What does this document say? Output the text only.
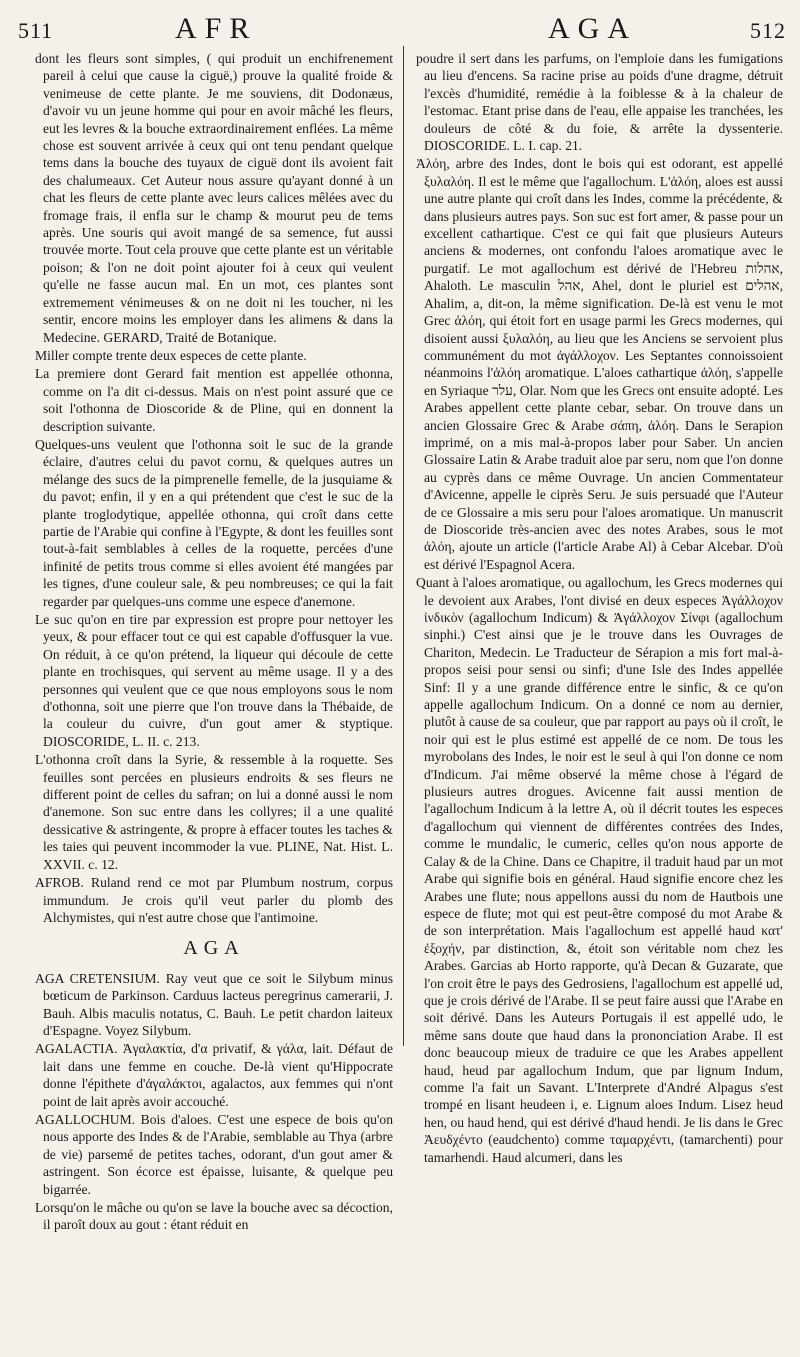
511	AFR	AGA	512

dont les fleurs sont simples, ( qui produit un enchifrenement pareil à celui que cause la ciguë,) prouve la qualité froide & venimeuse de cette plante. Je me souviens, dit Dodonæus, d'avoir vu un jeune homme qui pour en avoir mâché les fleurs, eut les levres & la bouche extraordinairement enflées. La même chose est souvent arrivée à ceux qui ont tenu pendant quelque tems dans la bouche des tuyaux de ciguë dont ils avoient fait des chalumeaux. Cet Auteur nous assure qu'ayant donné à un chat les fleurs de cette plante avec leurs calices mêlées avec du fromage frais, il enfla sur le champ & mourut peu de tems après. Une souris qui avoit mangé de sa semence, fut aussi trouvée morte. Tout cela prouve que cette plante est un véritable poison; & l'on ne doit point ajouter foi à ceux qui veulent qu'elle ne fasse aucun mal. En un mot, ces plantes sont extremement vénimeuses & on ne doit ni les toucher, ni les sentir, encore moins les employer dans les alimens & dans la Medecine. GERARD, Traité de Botanique.

Miller compte trente deux especes de cette plante.

La premiere dont Gerard fait mention est appellée othonna, comme on l'a dit ci-dessus. Mais on n'est point assuré que ce soit l'othonna de Dioscoride & de Pline, qui en donnent la description suivante.

Quelques-uns veulent que l'othonna soit le suc de la grande éclaire, d'autres celui du pavot cornu, & quelques autres un mélange des sucs de la pimprenelle femelle, de la jusquiame & du pavot; enfin, il y en a qui prétendent que c'est le suc de la plante troglodytique, appellée othonna, qui croît dans cette partie de l'Arabie qui confine à l'Egypte, & dont les feuilles sont tout-à-fait semblables à celles de la roquette, percées d'une infinité de petits trous comme si elles avoient été mangées par les tignes, d'une couleur sale, & peu nombreuses; ce qui la fait regarder par quelques-uns comme une espece d'anemone.

Le suc qu'on en tire par expression est propre pour nettoyer les yeux, & pour effacer tout ce qui est capable d'offusquer la vue. On réduit, à ce qu'on prétend, la liqueur qui découle de cette plante en trochisques, qui servent au même usage. Il y a des personnes qui veulent que ce que nous employons sous le nom d'othonna, soit une pierre que l'on trouve dans la Thébaide, de la couleur du cuivre, d'un gout amer & styptique. DIOSCORIDE, L. II. c. 213.

L'othonna croît dans la Syrie, & ressemble à la roquette. Ses feuilles sont percées en plusieurs endroits & ses fleurs ne different point de celles du safran; on lui a donné aussi le nom d'anemone. Son suc entre dans les collyres; il a une qualité dessicative & astringente, & propre à effacer toutes les taches & les taies qui peuvent incommoder la vue. PLINE, Nat. Hist. L. XXVII. c. 12.

AFROB. Ruland rend ce mot par Plumbum nostrum, corpus immundum. Je crois qu'il veut parler du plomb des Alchymistes, qui n'est autre chose que l'antimoine.

AGA

AGA CRETENSIUM. Ray veut que ce soit le Silybum minus bœticum de Parkinson. Carduus lacteus peregrinus camerarii, J. Bauh. Albis maculis notatus, C. Bauh. Le petit chardon laiteux d'Espagne. Voyez Silybum.

AGALACTIA. Ἀγαλακτία, d'α privatif, & γάλα, lait. Défaut de lait dans une femme en couche. De-là vient qu'Hippocrate donne l'épithete d'ἀγαλάκτοι, agalactos, aux femmes qui n'ont point de lait après avoir accouché.

AGALLOCHUM. Bois d'aloes. C'est une espece de bois qu'on nous apporte des Indes & de l'Arabie, semblable au Thya (arbre de vie) parsemé de petites taches, odorant, d'un gout amer & astringent. Son écorce est épaisse, luisante, & quelque peu bigarrée.

Lorsqu'on le mâche ou qu'on se lave la bouche avec sa décoction, il paroît doux au gout : étant réduit en

poudre il sert dans les parfums, on l'emploie dans les fumigations au lieu d'encens. Sa racine prise au poids d'une dragme, détruit l'excès d'humidité, remédie à la foiblesse & à la chaleur de l'estomac. Etant prise dans de l'eau, elle appaise les tranchées, les douleurs de côté & du foie, & arrête la dyssenterie. DIOSCORIDE. L. I. cap. 21.

Ἀλόη, arbre des Indes, dont le bois qui est odorant, est appellé ξυλαλόη. Il est le même que l'agallochum. L'ἀλόη, aloes est aussi une autre plante qui croît dans les Indes, comme la précédente, & dans plusieurs autres pays. Son suc est fort amer, & passe pour un excellent cathartique. C'est ce qui fait que plusieurs Auteurs anciens & modernes, ont confondu l'aloes aromatique avec le purgatif. Le mot agallochum est dérivé de l'Hebreu אהלות, Ahaloth. Le masculin אהל, Ahel, dont le pluriel est אהלים, Ahalim, a, dit-on, la même signification. De-là est venu le mot Grec ἀλόη, qui étoit fort en usage parmi les Grecs modernes, qui disoient aussi ξυλαλόη, au lieu que les Anciens se servoient plus communément du mot ἀγάλλοχον. Les Septantes connoissoient néanmoins l'ἀλόη aromatique. L'aloes cathartique ἀλόη, s'appelle en Syriaque עלר, Olar. Nom que les Grecs ont ensuite adopté. Les Arabes appellent cette plante cebar, sebar. On trouve dans un ancien Glossaire Grec & Arabe σάπη, ἀλόη. Dans le Serapion imprimé, on a mis mal-à-propos laber pour Saber. Un ancien Glossaire Latin & Arabe traduit aloe par seru, nom que l'on donne au cyprès dans ce même Ouvrage. Un ancien Commentateur d'Avicenne, appelle le ciprès Seru. Je suis persuadé que l'Auteur de ce Glossaire a mis seru pour l'aloes aromatique. Un manuscrit de Dioscoride très-ancien avec des notes Arabes, sous le mot ἀλόη, ajoute un article (l'article Arabe Al) à Cebar Alcebar. D'où est dérivé l'Espagnol Acera.

Quant à l'aloes aromatique, ou agallochum, les Grecs modernes qui le devoient aux Arabes, l'ont divisé en deux especes Ἀγάλλοχον ἰνδικὸν (agallochum Indicum) & Ἀγάλλοχον Σίνφι (agallochum sinphi.) C'est ainsi que je le trouve dans les Ouvrages de Chariton, Medecin. Le Traducteur de Sérapion a mis fort mal-à-propos seisi pour sensi ou sinfi; d'une Isle des Indes appellée Sinf: Il y a une grande différence entre le sinfic, & ce qu'on appelle agallochum Indicum. On a donné ce nom au dernier, plutôt à cause de sa couleur, que par rapport au pays où il croît, le noir qui est le plus estimé est appellé de ce nom. De tous les myrobolans des Indes, le noir est le seul à qui l'on donne ce nom d'Indicum. J'ai même observé la même chose à l'égard de plusieurs autres drogues. Avicenne fait aussi mention de l'agallochum Indicum à la lettre A, où il décrit toutes les especes d'agallochum qui viennent de différentes contrées des Indes, comme le mundalic, le cumeric, celles qu'on nous apporte de Calay & de la Chine. Dans ce Chapitre, il traduit haud par un mot Arabe qui signifie bois en général. Haud signifie encore chez les Arabes une flute; nous appellons aussi du nom de Hautbois une espece de flute; mot qui est peut-être composé du mot Arabe & de son interprétation. Mais l'agallochum est appellé haud κατ' ἐξοχήν, par distinction, &, étoit son véritable nom chez les Arabes. Garcias ab Horto rapporte, qu'à Decan & Guzarate, que l'on croit être le pays des Gedrosiens, l'agallochum est appellé ud, que je crois dérivé de l'Arabe. Il se peut faire aussi que l'Arabe en soit dérivé. Dans les Auteurs Portugais il est appellé udo, le même sans doute que haud dans la prononciation Arabe. Il est donc beaucoup mieux de traduire ce que les Arabes appellent haud, heud par agallochum Indum, que par lignum Indum, comme l'a fait un Savant. L'Interprete d'André Alpagus s'est trompé en lisant heudeen i, e. Lignum aloes Indum. Lisez heud hen, ou haud hend, qui est dérivé d'haud hendi. Je lis dans le Grec Ἀευδχέντο (eaudchento) comme ταμαρχέντι, (tamarchenti) pour tamarhendi. Haud alcumeri, dans les
